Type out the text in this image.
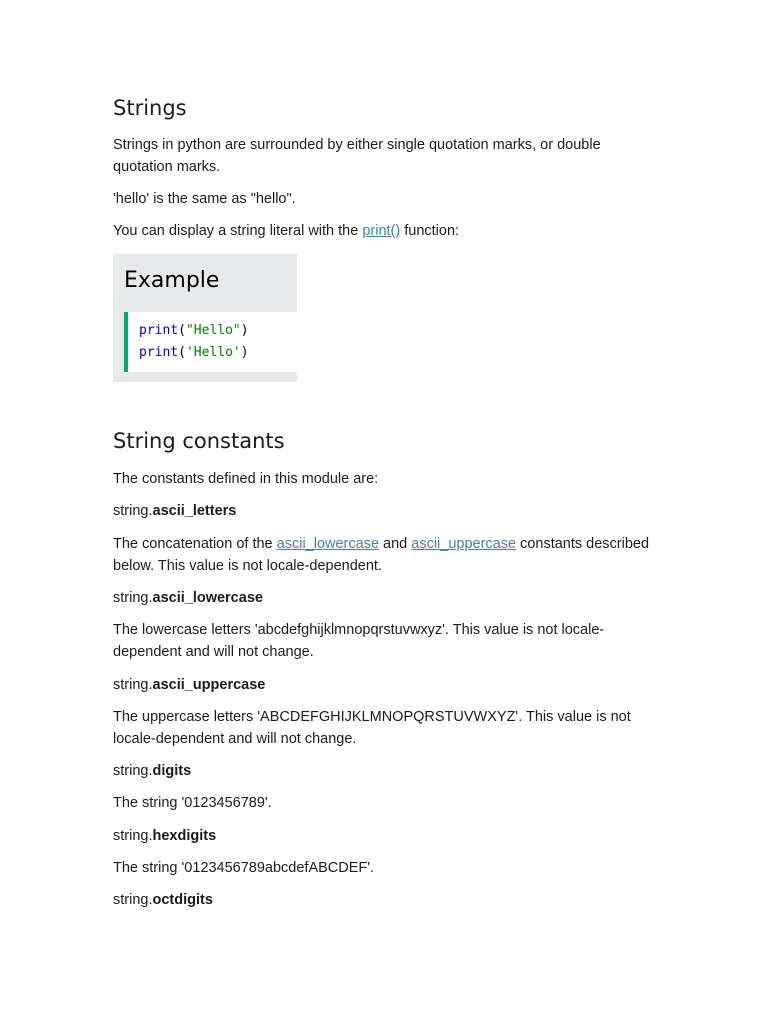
Strings

Strings in python are surrounded by either single quotation marks, or double quotation marks.

'hello' is the same as "hello".

You can display a string literal with the print() function:

Example
print("Hello")
print('Hello')
String constants

The constants defined in this module are:

string.ascii_letters

The concatenation of the ascii_lowercase and ascii_uppercase constants described below. This value is not locale-dependent.

string.ascii_lowercase

The lowercase letters 'abcdefghijklmnopqrstuvwxyz'. This value is not locale-dependent and will not change.

string.ascii_uppercase

The uppercase letters 'ABCDEFGHIJKLMNOPQRSTUVWXYZ'. This value is not locale-dependent and will not change.

string.digits

The string '0123456789'.

string.hexdigits

The string '0123456789abcdefABCDEF'.

string.octdigits
